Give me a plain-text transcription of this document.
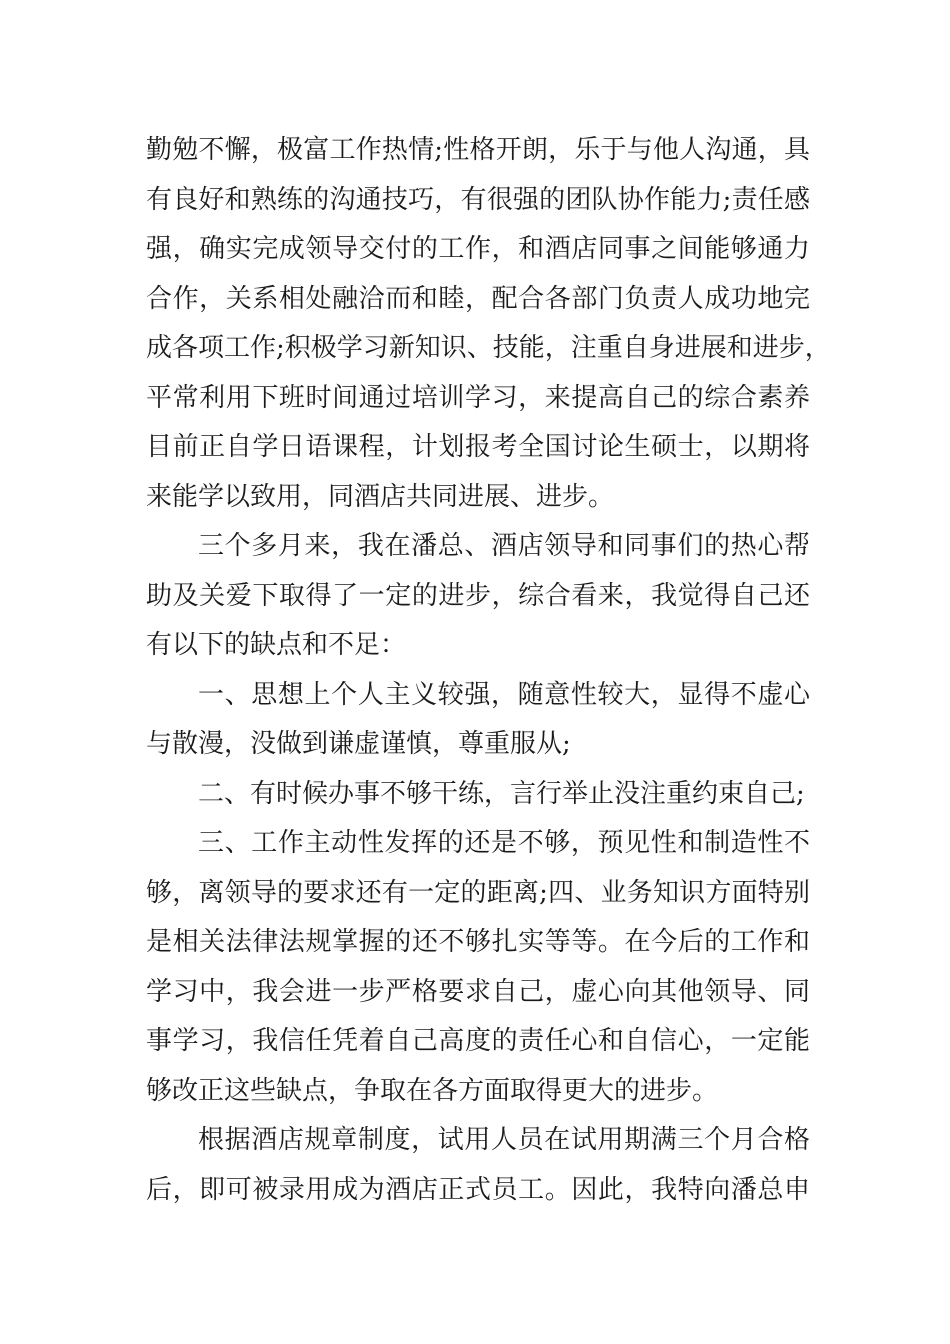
勤勉不懈，极富工作热情;性格开朗，乐于与他人沟通，具
有良好和熟练的沟通技巧，有很强的团队协作能力;责任感
强，确实完成领导交付的工作，和酒店同事之间能够通力
合作，关系相处融洽而和睦，配合各部门负责人成功地完
成各项工作;积极学习新知识、技能，注重自身进展和进步，
平常利用下班时间通过培训学习，来提高自己的综合素养
目前正自学日语课程，计划报考全国讨论生硕士，以期将
来能学以致用，同酒店共同进展、进步。
三个多月来，我在潘总、酒店领导和同事们的热心帮
助及关爱下取得了一定的进步，综合看来，我觉得自己还
有以下的缺点和不足：
一、思想上个人主义较强，随意性较大，显得不虚心
与散漫，没做到谦虚谨慎，尊重服从;
二、有时候办事不够干练，言行举止没注重约束自己;
三、工作主动性发挥的还是不够，预见性和制造性不
够，离领导的要求还有一定的距离;四、业务知识方面特别
是相关法律法规掌握的还不够扎实等等。在今后的工作和
学习中，我会进一步严格要求自己，虚心向其他领导、同
事学习，我信任凭着自己高度的责任心和自信心，一定能
够改正这些缺点，争取在各方面取得更大的进步。
根据酒店规章制度，试用人员在试用期满三个月合格
后，即可被录用成为酒店正式员工。因此，我特向潘总申
